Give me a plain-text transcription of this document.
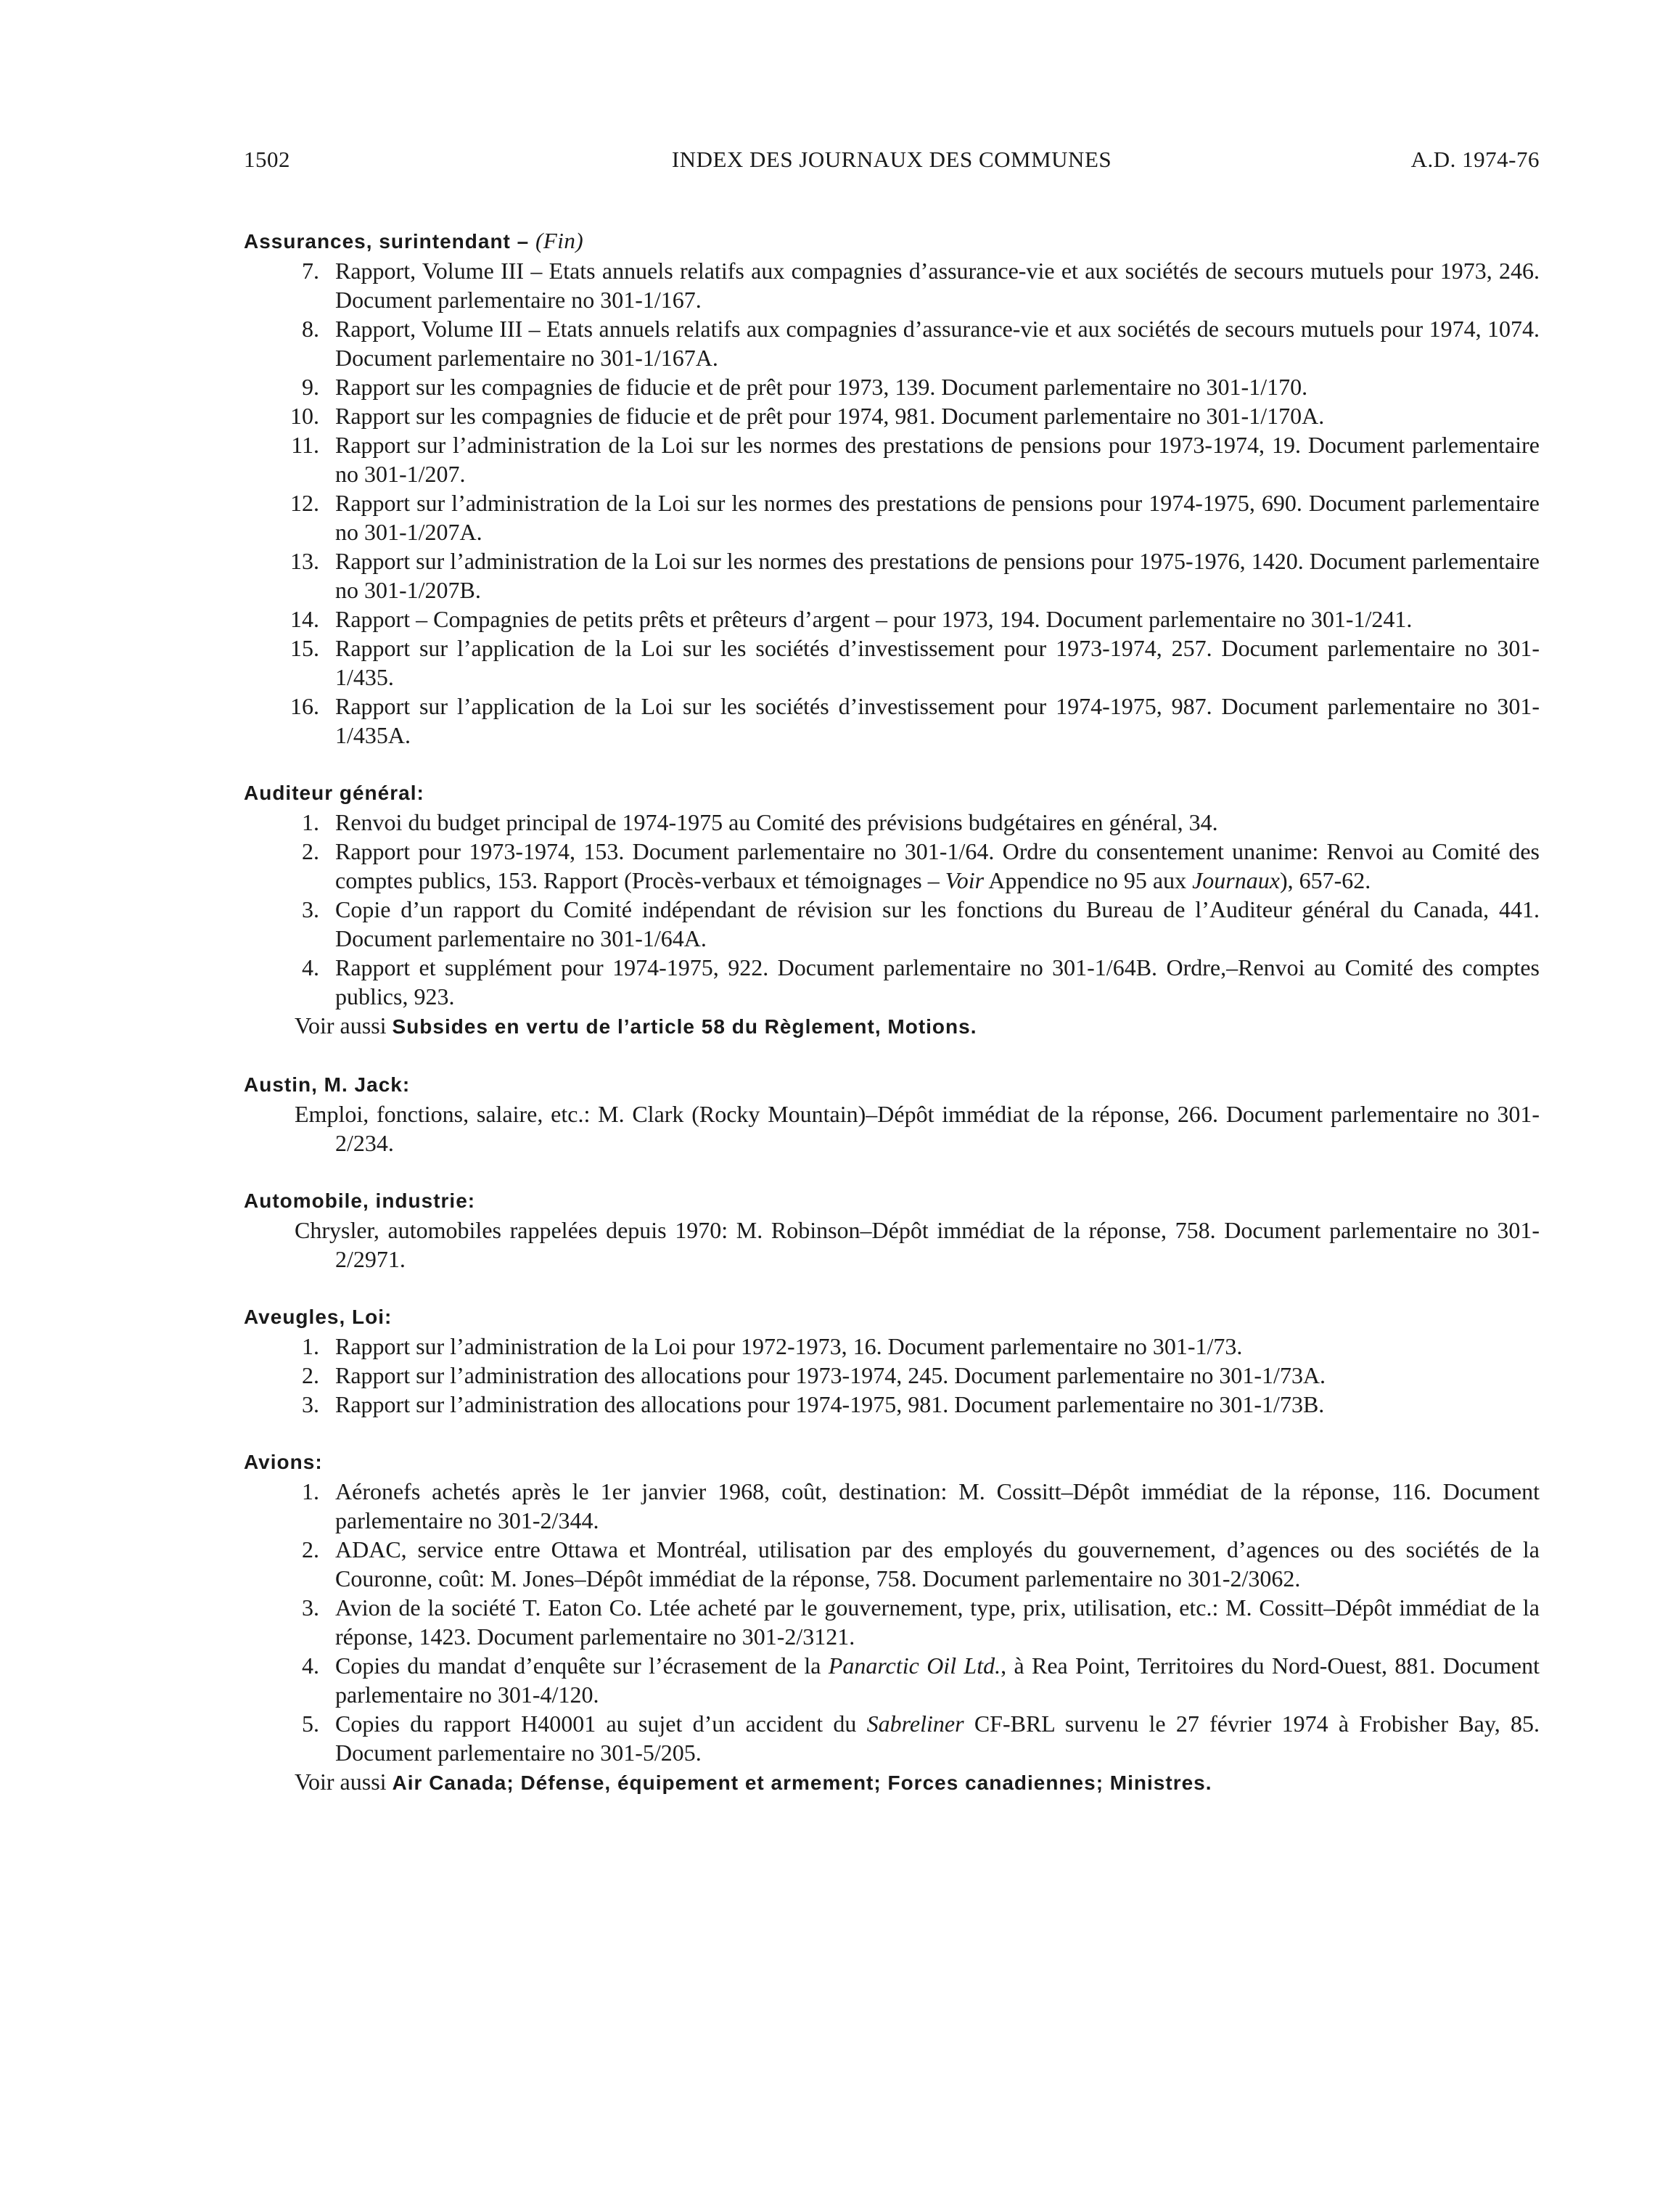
1502	INDEX DES JOURNAUX DES COMMUNES	A.D. 1974-76
Assurances, surintendant – (Fin)
7. Rapport, Volume III – Etats annuels relatifs aux compagnies d’assurance-vie et aux sociétés de secours mutuels pour 1973, 246. Document parlementaire no 301-1/167.
8. Rapport, Volume III – Etats annuels relatifs aux compagnies d’assurance-vie et aux sociétés de secours mutuels pour 1974, 1074. Document parlementaire no 301-1/167A.
9. Rapport sur les compagnies de fiducie et de prêt pour 1973, 139. Document parlementaire no 301-1/170.
10. Rapport sur les compagnies de fiducie et de prêt pour 1974, 981. Document parlementaire no 301-1/170A.
11. Rapport sur l’administration de la Loi sur les normes des prestations de pensions pour 1973-1974, 19. Document parlementaire no 301-1/207.
12. Rapport sur l’administration de la Loi sur les normes des prestations de pensions pour 1974-1975, 690. Document parlementaire no 301-1/207A.
13. Rapport sur l’administration de la Loi sur les normes des prestations de pensions pour 1975-1976, 1420. Document parlementaire no 301-1/207B.
14. Rapport – Compagnies de petits prêts et prêteurs d’argent – pour 1973, 194. Document parlementaire no 301-1/241.
15. Rapport sur l’application de la Loi sur les sociétés d’investissement pour 1973-1974, 257. Document parlementaire no 301-1/435.
16. Rapport sur l’application de la Loi sur les sociétés d’investissement pour 1974-1975, 987. Document parlementaire no 301-1/435A.
Auditeur général:
1. Renvoi du budget principal de 1974-1975 au Comité des prévisions budgétaires en général, 34.
2. Rapport pour 1973-1974, 153. Document parlementaire no 301-1/64. Ordre du consentement unanime: Renvoi au Comité des comptes publics, 153. Rapport (Procès-verbaux et témoignages – Voir Appendice no 95 aux Journaux), 657-62.
3. Copie d’un rapport du Comité indépendant de révision sur les fonctions du Bureau de l’Auditeur général du Canada, 441. Document parlementaire no 301-1/64A.
4. Rapport et supplément pour 1974-1975, 922. Document parlementaire no 301-1/64B. Ordre,–Renvoi au Comité des comptes publics, 923.
Voir aussi Subsides en vertu de l’article 58 du Règlement, Motions.
Austin, M. Jack:
Emploi, fonctions, salaire, etc.: M. Clark (Rocky Mountain)–Dépôt immédiat de la réponse, 266. Document parlementaire no 301-2/234.
Automobile, industrie:
Chrysler, automobiles rappelées depuis 1970: M. Robinson–Dépôt immédiat de la réponse, 758. Document parlementaire no 301-2/2971.
Aveugles, Loi:
1. Rapport sur l’administration de la Loi pour 1972-1973, 16. Document parlementaire no 301-1/73.
2. Rapport sur l’administration des allocations pour 1973-1974, 245. Document parlementaire no 301-1/73A.
3. Rapport sur l’administration des allocations pour 1974-1975, 981. Document parlementaire no 301-1/73B.
Avions:
1. Aéronefs achetés après le 1er janvier 1968, coût, destination: M. Cossitt–Dépôt immédiat de la réponse, 116. Document parlementaire no 301-2/344.
2. ADAC, service entre Ottawa et Montréal, utilisation par des employés du gouvernement, d’agences ou des sociétés de la Couronne, coût: M. Jones–Dépôt immédiat de la réponse, 758. Document parlementaire no 301-2/3062.
3. Avion de la société T. Eaton Co. Ltée acheté par le gouvernement, type, prix, utilisation, etc.: M. Cossitt–Dépôt immédiat de la réponse, 1423. Document parlementaire no 301-2/3121.
4. Copies du mandat d’enquête sur l’écrasement de la Panarctic Oil Ltd., à Rea Point, Territoires du Nord-Ouest, 881. Document parlementaire no 301-4/120.
5. Copies du rapport H40001 au sujet d’un accident du Sabreliner CF-BRL survenu le 27 février 1974 à Frobisher Bay, 85. Document parlementaire no 301-5/205.
Voir aussi Air Canada; Défense, équipement et armement; Forces canadiennes; Ministres.
